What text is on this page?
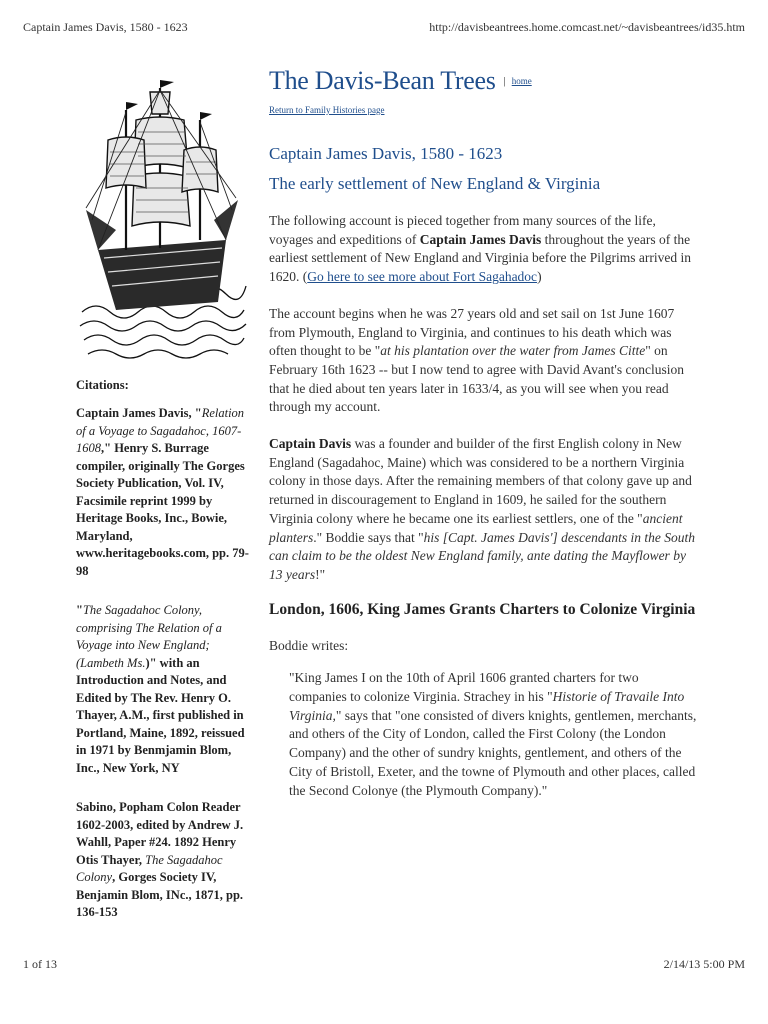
Captain James Davis, 1580 - 1623	http://davisbeantrees.home.comcast.net/~davisbeantrees/id35.htm
Citations:
Captain James Davis, "Relation of a Voyage to Sagadahoc, 1607-1608," Henry S. Burrage compiler, originally The Gorges Society Publication, Vol. IV, Facsimile reprint 1999 by Heritage Books, Inc., Bowie, Maryland, www.heritagebooks.com, pp. 79-98
"The Sagadahoc Colony, comprising The Relation of a Voyage into New England; (Lambeth Ms.)" with an Introduction and Notes, and Edited by The Rev. Henry O. Thayer, A.M., first published in Portland, Maine, 1892, reissued in 1971 by Benmjamin Blom, Inc., New York, NY
Sabino, Popham Colon Reader 1602-2003, edited by Andrew J. Wahll, Paper #24. 1892 Henry Otis Thayer, The Sagadahoc Colony, Gorges Society IV, Benjamin Blom, INc., 1871, pp. 136-153
The Davis-Bean Trees | home
Return to Family Histories page
Captain James Davis, 1580 - 1623
The early settlement of New England & Virginia

The following account is pieced together from many sources of the life, voyages and expeditions of Captain James Davis throughout the years of the earliest settlement of New England and Virginia before the Pilgrims arrived in 1620. (Go here to see more about Fort Sagahadoc)

The account begins when he was 27 years old and set sail on 1st June 1607 from Plymouth, England to Virginia, and continues to his death which was often thought to be "at his plantation over the water from James Citte" on February 16th 1623 -- but I now tend to agree with David Avant's conclusion that he died about ten years later in 1633/4, as you will see when you read through my account.

Captain Davis was a founder and builder of the first English colony in New England (Sagadahoc, Maine) which was considered to be a northern Virginia colony in those days. After the remaining members of that colony gave up and returned in discouragement to England in 1609, he sailed for the southern Virginia colony where he became one its earliest settlers, one of the "ancient planters." Boddie says that "his [Capt. James Davis'] descendants in the South can claim to be the oldest New England family, ante dating the Mayflower by 13 years!"

London, 1606, King James Grants Charters to Colonize Virginia

Boddie writes:

"King James I on the 10th of April 1606 granted charters for two companies to colonize Virginia. Strachey in his "Historie of Travaile Into Virginia," says that "one consisted of divers knights, gentlemen, merchants, and others of the City of London, called the First Colony (the London Company) and the other of sundry knights, gentlement, and others of the City of Bristoll, Exeter, and the towne of Plymouth and other places, called the Second Colonye (the Plymouth Company)."
1 of 13	2/14/13 5:00 PM
